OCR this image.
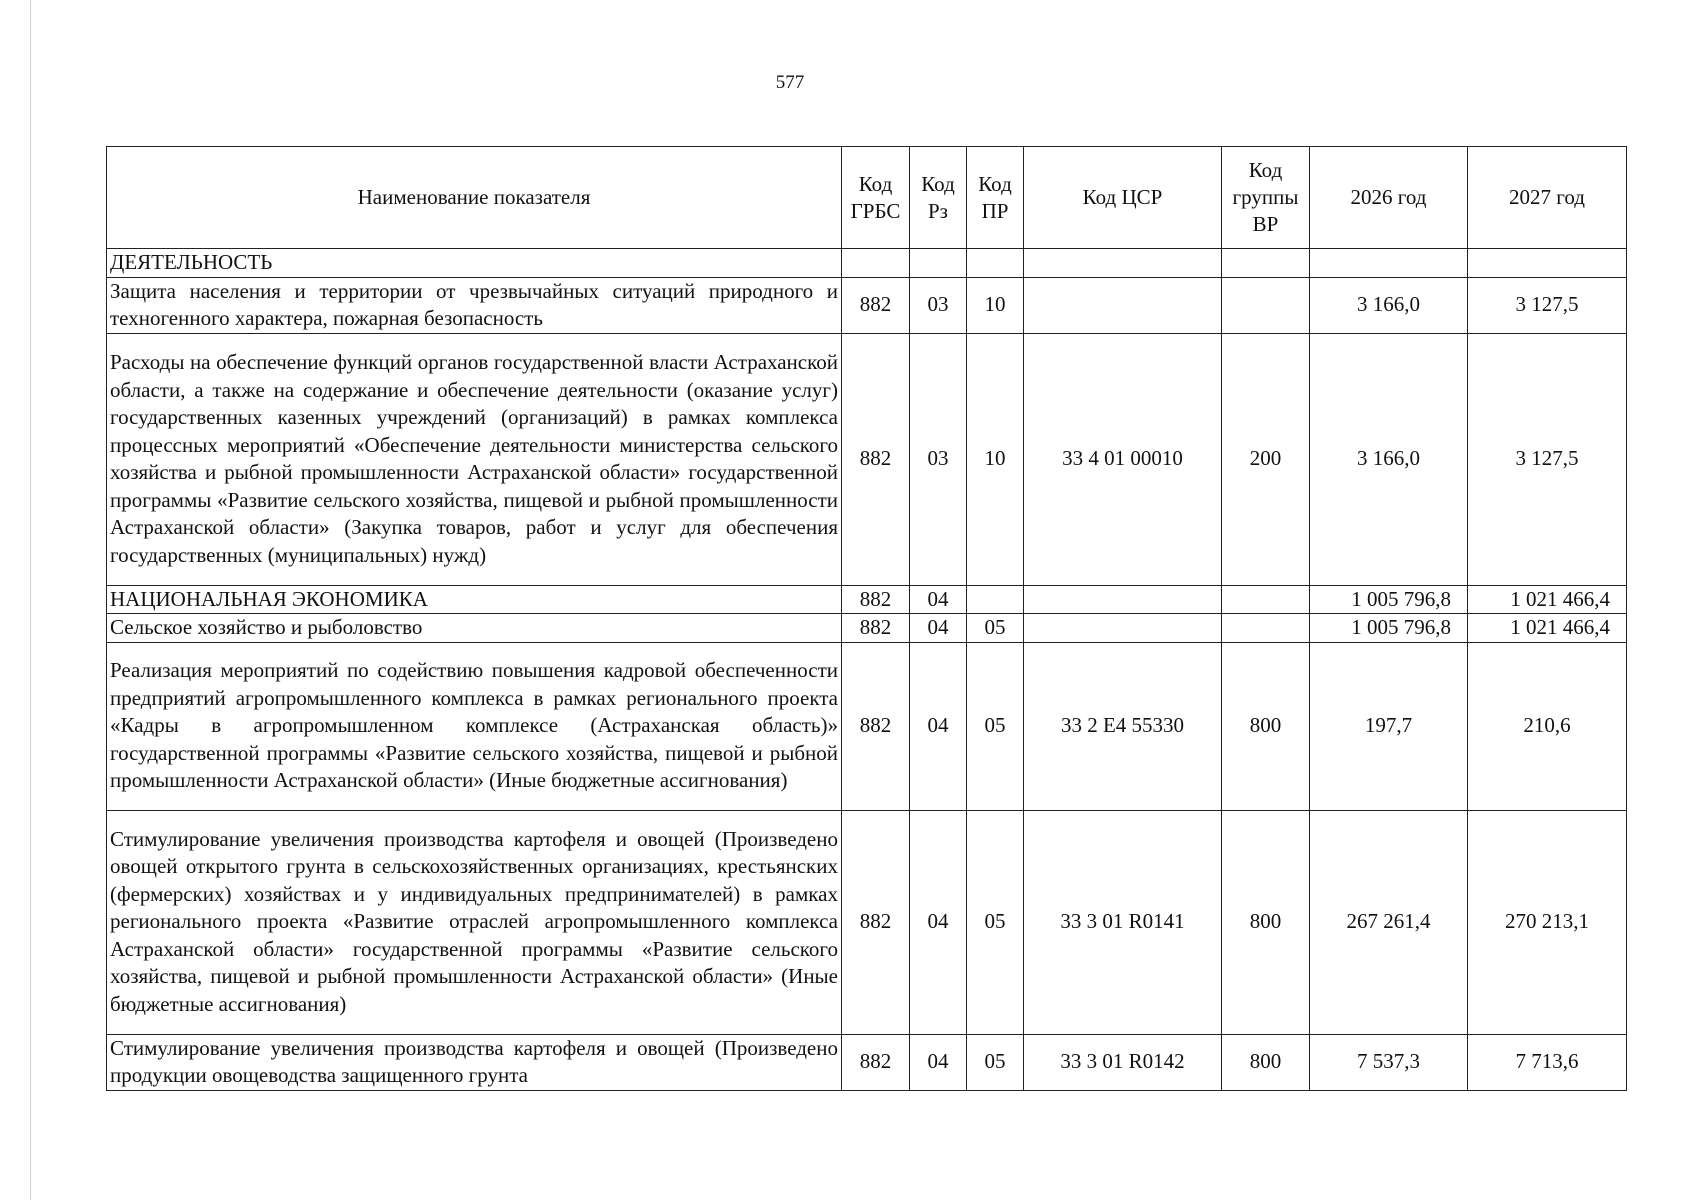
577
Наименование показателя	Код ГРБС	Код Рз	Код ПР	Код ЦСР	Код группы ВР	2026 год	2027 год
ДЕЯТЕЛЬНОСТЬ							
Защита населения и территории от чрезвычайных ситуаций природного и техногенного характера, пожарная безопасность	882	03	10			3 166,0	3 127,5
Расходы на обеспечение функций органов государственной власти Астраханской области, а также на содержание и обеспечение деятельности (оказание услуг) государственных казенных учреждений (организаций) в рамках комплекса процессных мероприятий «Обеспечение деятельности министерства сельского хозяйства и рыбной промышленности Астраханской области» государственной программы «Развитие сельского хозяйства, пищевой и рыбной промышленности Астраханской области» (Закупка товаров, работ и услуг для обеспечения государственных (муниципальных) нужд)	882	03	10	33 4 01 00010	200	3 166,0	3 127,5
НАЦИОНАЛЬНАЯ ЭКОНОМИКА	882	04				1 005 796,8	1 021 466,4
Сельское хозяйство и рыболовство	882	04	05			1 005 796,8	1 021 466,4
Реализация мероприятий по содействию повышения кадровой обеспеченности предприятий агропромышленного комплекса в рамках регионального проекта «Кадры в агропромышленном комплексе (Астраханская область)» государственной программы «Развитие сельского хозяйства, пищевой и рыбной промышленности Астраханской области» (Иные бюджетные ассигнования)	882	04	05	33 2 Е4 55330	800	197,7	210,6
Стимулирование увеличения производства картофеля и овощей (Произведено овощей открытого грунта в сельскохозяйственных организациях, крестьянских (фермерских) хозяйствах и у индивидуальных предпринимателей) в рамках регионального проекта «Развитие отраслей агропромышленного комплекса Астраханской области» государственной программы «Развитие сельского хозяйства, пищевой и рыбной промышленности Астраханской области» (Иные бюджетные ассигнования)	882	04	05	33 3 01 R0141	800	267 261,4	270 213,1

Стимулирование увеличения производства картофеля и овощей (Произведено продукции овощеводства защищенного грунта	882	04	05	33 3 01 R0142	800	7 537,3	7 713,6
